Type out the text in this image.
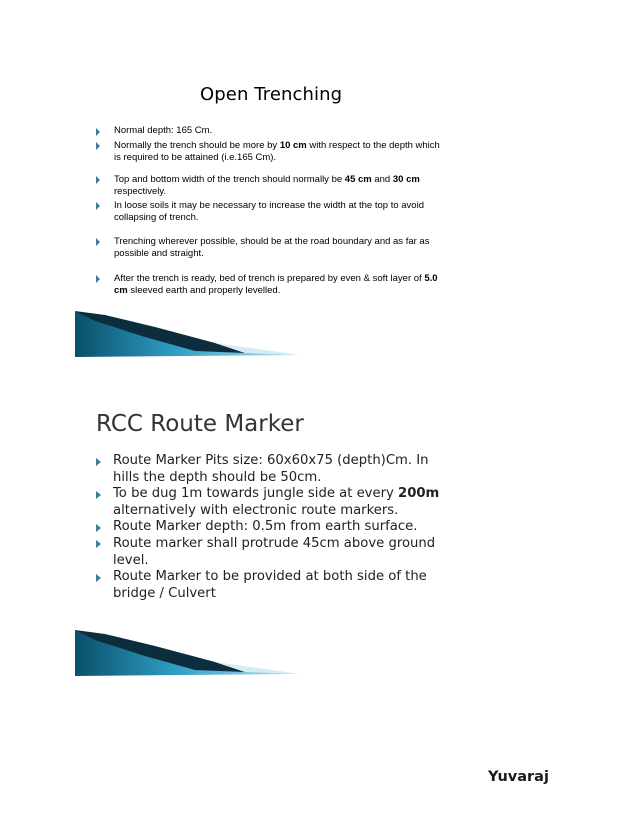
Open Trenching
Normal depth: 165 Cm.
Normally the trench should be more by 10 cm with respect to the depth which is required to be attained (i.e.165 Cm).
Top and bottom width of the trench should normally be 45 cm and 30 cm respectively.
In loose soils it may be necessary to increase the width at the top to avoid collapsing of trench.
Trenching wherever possible, should be at the road boundary and as far as possible and straight.
After the trench is ready, bed of trench is prepared by even & soft layer of 5.0 cm sleeved earth and properly levelled.
RCC Route Marker
Route Marker Pits size: 60x60x75 (depth)Cm. In hills the depth should be 50cm.
To be dug 1m towards jungle side at every 200m alternatively with electronic route markers.
Route Marker depth: 0.5m from earth surface.
Route marker shall protrude 45cm above ground level.
Route Marker to be provided at both side of the bridge / Culvert

Yuvaraj
